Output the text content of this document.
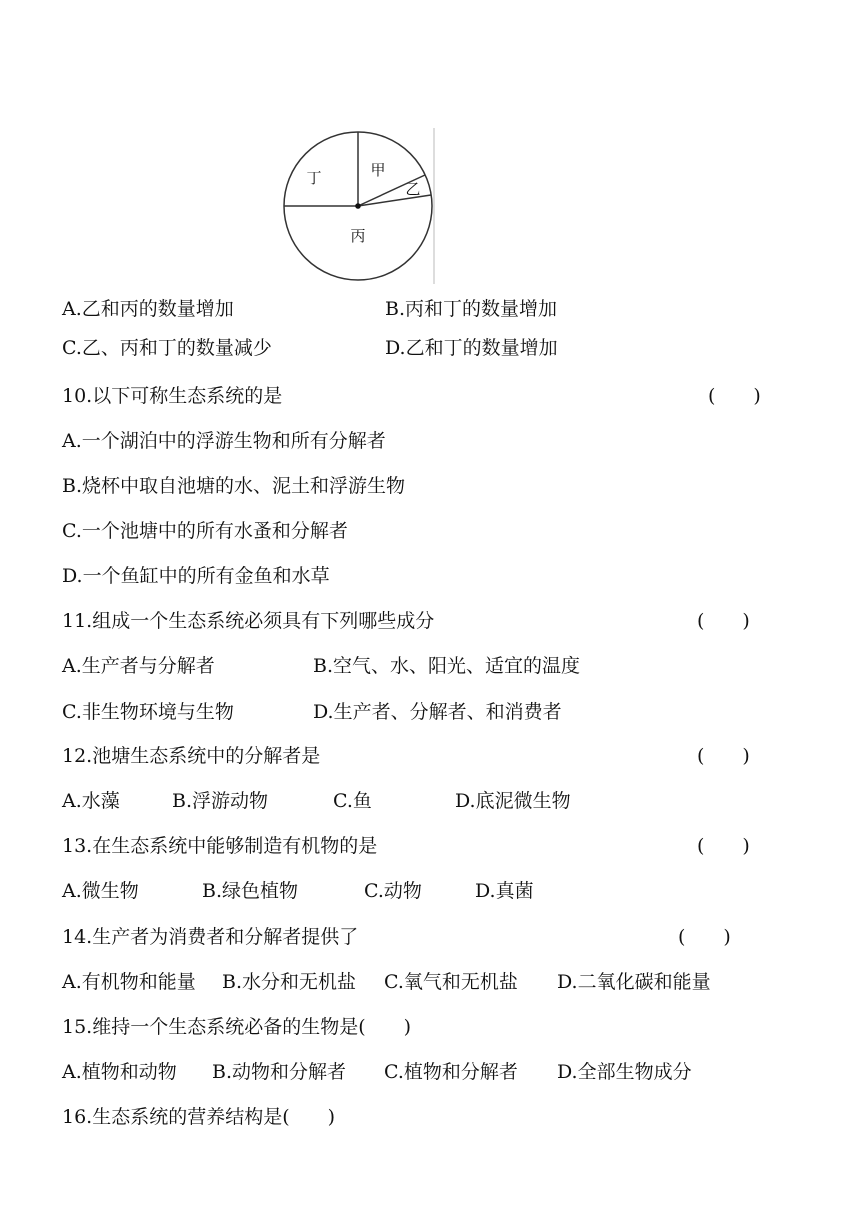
丁	甲
乙
丙
A.乙和丙的数量增加	B.丙和丁的数量增加
C.乙、丙和丁的数量减少	D.乙和丁的数量增加
10.以下可称生态系统的是	(　　)
A.一个湖泊中的浮游生物和所有分解者
B.烧杯中取自池塘的水、泥土和浮游生物
C.一个池塘中的所有水蚤和分解者
D.一个鱼缸中的所有金鱼和水草
11.组成一个生态系统必须具有下列哪些成分	(　　)
A.生产者与分解者	B.空气、水、阳光、适宜的温度
C.非生物环境与生物	D.生产者、分解者、和消费者
12.池塘生态系统中的分解者是	(　　)
A.水藻	B.浮游动物	C.鱼	D.底泥微生物
13.在生态系统中能够制造有机物的是	(　　)
A.微生物	B.绿色植物	C.动物	D.真菌
14.生产者为消费者和分解者提供了	(　　)
A.有机物和能量 B.水分和无机盐 C.氧气和无机盐 D.二氧化碳和能量
15.维持一个生态系统必备的生物是(　　)
A.植物和动物 B.动物和分解者 C.植物和分解者 D.全部生物成分
16.生态系统的营养结构是(　　)
